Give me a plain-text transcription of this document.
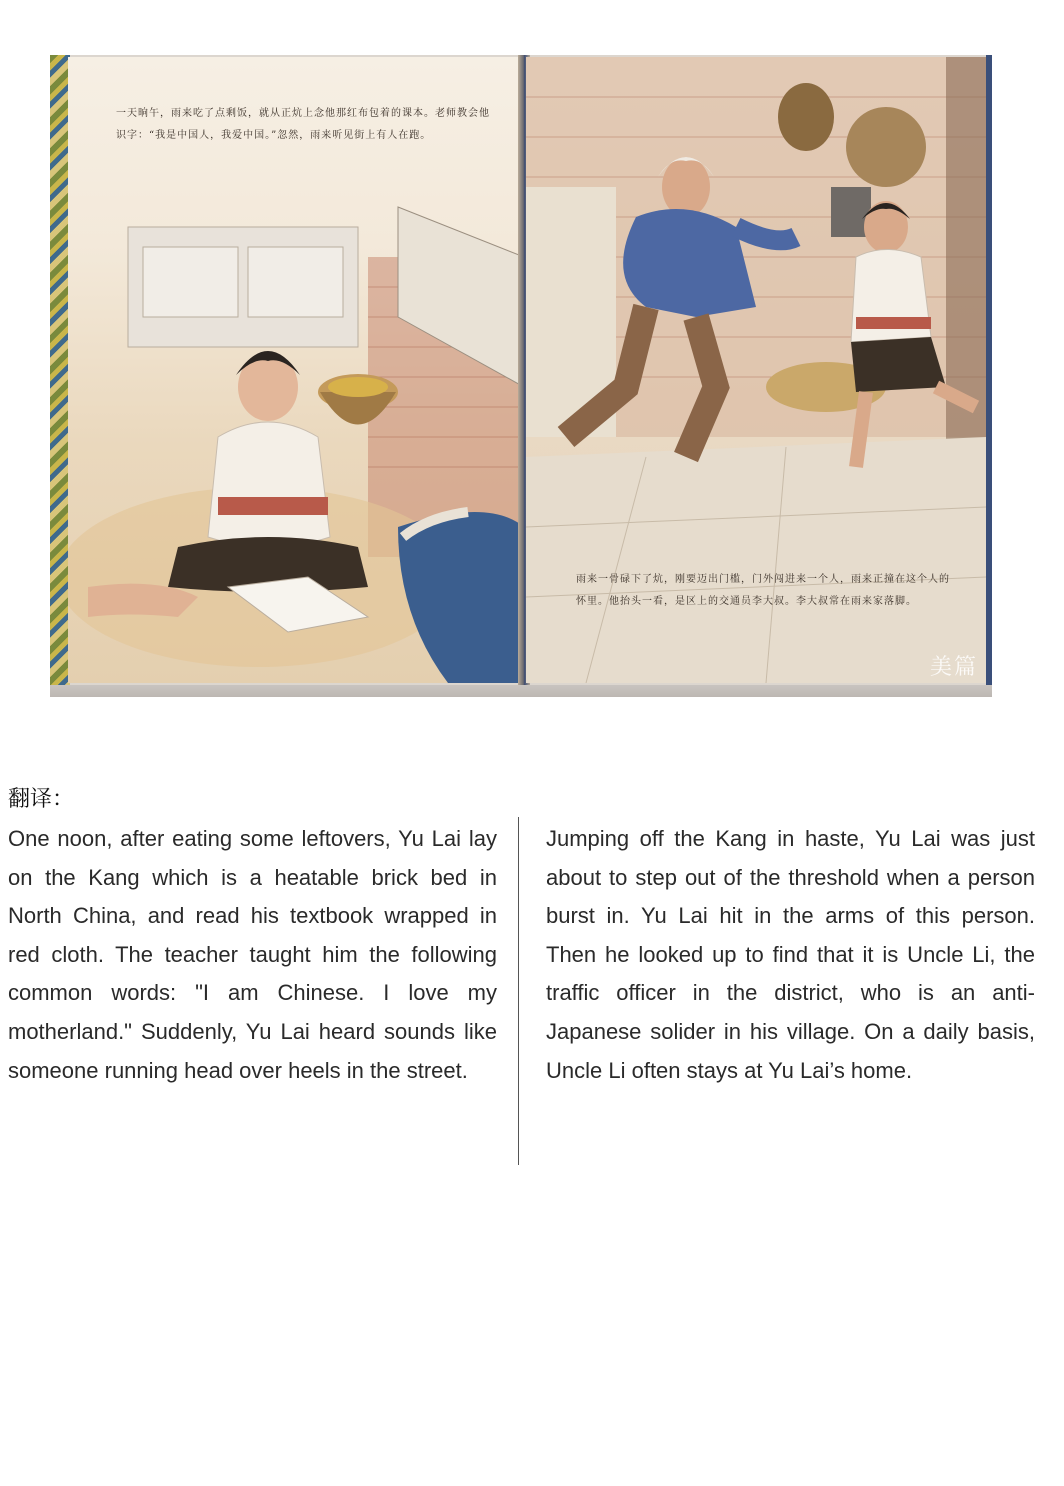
一天晌午，雨来吃了点剩饭，就从正炕上念他那红布包着的课本。老师教会他识字：“我是中国人，我爱中国。”忽然，雨来听见街上有人在跑。
雨来一骨碌下了炕，刚要迈出门槛，门外闯进来一个人，雨来正撞在这个人的怀里。他抬头一看，是区上的交通员李大叔。李大叔常在雨来家落脚。
美篇
翻译：

One noon, after eating some leftovers, Yu Lai lay on the Kang which is a heatable brick bed in North China, and read his textbook wrapped in red cloth. The teacher taught him the following common words: "I am Chinese. I love my motherland." Suddenly, Yu Lai heard sounds like someone running head over heels in the street.

Jumping off the Kang in haste, Yu Lai was just about to step out of the threshold when a person burst in. Yu Lai hit in the arms of this person. Then he looked up to find that it is Uncle Li, the traffic officer in the district, who is an anti-Japanese solider in his village. On a daily basis, Uncle Li often stays at Yu Lai’s home.
